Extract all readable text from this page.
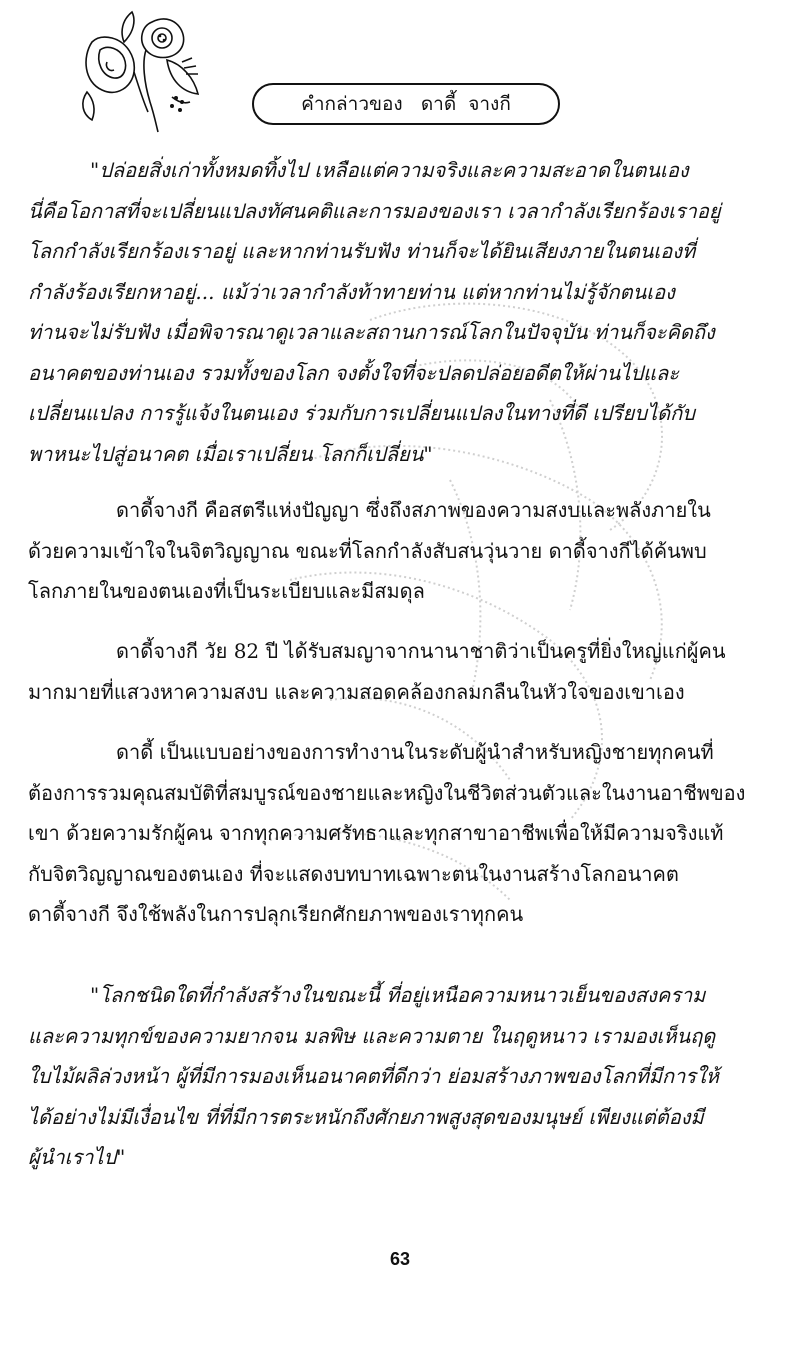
คำกล่าวของ   ดาดี้  จางกี
"ปล่อยสิ่งเก่าทั้งหมดทิ้งไป เหลือแต่ความจริงและความสะอาดในตนเอง
นี่คือโอกาสที่จะเปลี่ยนแปลงทัศนคติและการมองของเรา เวลากำลังเรียกร้องเราอยู่
โลกกำลังเรียกร้องเราอยู่ และหากท่านรับฟัง ท่านก็จะได้ยินเสียงภายในตนเองที่
กำลังร้องเรียกหาอยู่... แม้ว่าเวลากำลังท้าทายท่าน แต่หากท่านไม่รู้จักตนเอง
ท่านจะไม่รับฟัง เมื่อพิจารณาดูเวลาและสถานการณ์โลกในปัจจุบัน ท่านก็จะคิดถึง
อนาคตของท่านเอง รวมทั้งของโลก จงตั้งใจที่จะปลดปล่อยอดีตให้ผ่านไปและ
เปลี่ยนแปลง การรู้แจ้งในตนเอง ร่วมกับการเปลี่ยนแปลงในทางที่ดี เปรียบได้กับ
พาหนะไปสู่อนาคต เมื่อเราเปลี่ยน โลกก็เปลี่ยน"
ดาดี้จางกี คือสตรีแห่งปัญญา ซึ่งถึงสภาพของความสงบและพลังภายใน
ด้วยความเข้าใจในจิตวิญญาณ ขณะที่โลกกำลังสับสนวุ่นวาย ดาดี้จางกีได้ค้นพบ
โลกภายในของตนเองที่เป็นระเบียบและมีสมดุล
ดาดี้จางกี วัย 82 ปี ได้รับสมญาจากนานาชาติว่าเป็นครูที่ยิ่งใหญ่แก่ผู้คน
มากมายที่แสวงหาความสงบ และความสอดคล้องกลมกลืนในหัวใจของเขาเอง
ดาดี้ เป็นแบบอย่างของการทำงานในระดับผู้นำสำหรับหญิงชายทุกคนที่
ต้องการรวมคุณสมบัติที่สมบูรณ์ของชายและหญิงในชีวิตส่วนตัวและในงานอาชีพของ
เขา ด้วยความรักผู้คน จากทุกความศรัทธาและทุกสาขาอาชีพเพื่อให้มีความจริงแท้
กับจิตวิญญาณของตนเอง ที่จะแสดงบทบาทเฉพาะตนในงานสร้างโลกอนาคต
ดาดี้จางกี จึงใช้พลังในการปลุกเรียกศักยภาพของเราทุกคน
"โลกชนิดใดที่กำลังสร้างในขณะนี้ ที่อยู่เหนือความหนาวเย็นของสงคราม
และความทุกข์ของความยากจน มลพิษ และความตาย ในฤดูหนาว เรามองเห็นฤดู
ใบไม้ผลิล่วงหน้า ผู้ที่มีการมองเห็นอนาคตที่ดีกว่า ย่อมสร้างภาพของโลกที่มีการให้
ได้อย่างไม่มีเงื่อนไข ที่ที่มีการตระหนักถึงศักยภาพสูงสุดของมนุษย์ เพียงแต่ต้องมี
ผู้นำเราไป"
63
